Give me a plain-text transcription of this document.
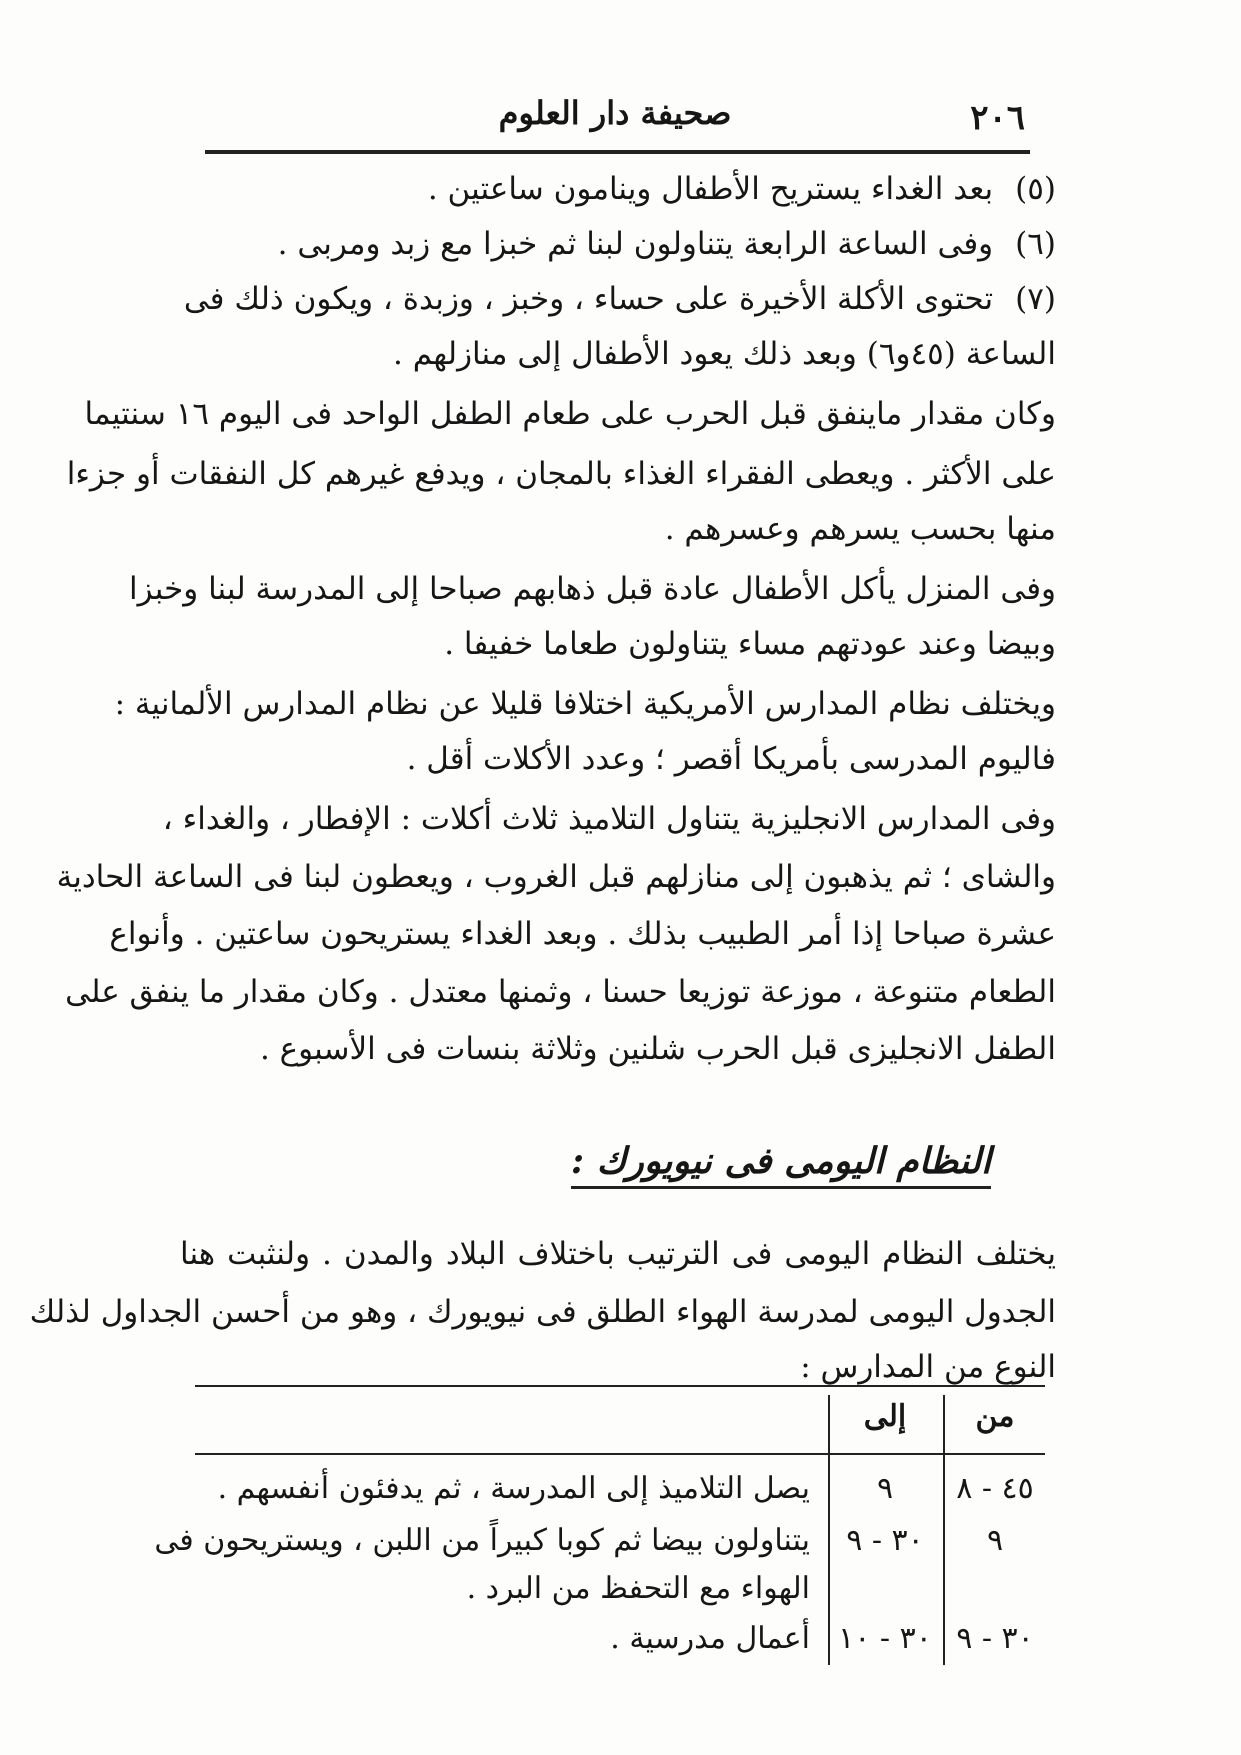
٢٠٦
صحيفة دار العلوم
(٥)بعد الغداء يستريح الأطفال وينامون ساعتين .
(٦)وفى الساعة الرابعة يتناولون لبنا ثم خبزا مع زبد ومربى .
(٧)تحتوى الأكلة الأخيرة على حساء ، وخبز ، وزبدة ، ويكون ذلك فى
الساعة (٤٥و٦) وبعد ذلك يعود الأطفال إلى منازلهم .
وكان مقدار ماينفق قبل الحرب على طعام الطفل الواحد فى اليوم ١٦ سنتيما
على الأكثر . ويعطى الفقراء الغذاء بالمجان ، ويدفع غيرهم كل النفقات أو جزءا
منها بحسب يسرهم وعسرهم .
وفى المنزل يأكل الأطفال عادة قبل ذهابهم صباحا إلى المدرسة لبنا وخبزا
وبيضا وعند عودتهم مساء يتناولون طعاما خفيفا .
ويختلف نظام المدارس الأمريكية اختلافا قليلا عن نظام المدارس الألمانية :
فاليوم المدرسى بأمريكا أقصر ؛ وعدد الأكلات أقل .
وفى المدارس الانجليزية يتناول التلاميذ ثلاث أكلات : الإفطار ، والغداء ،
والشاى ؛ ثم يذهبون إلى منازلهم قبل الغروب ، ويعطون لبنا فى الساعة الحادية
عشرة صباحا إذا أمر الطبيب بذلك . وبعد الغداء يستريحون ساعتين . وأنواع
الطعام متنوعة ، موزعة توزيعا حسنا ، وثمنها معتدل . وكان مقدار ما ينفق على
الطفل الانجليزى قبل الحرب شلنين وثلاثة بنسات فى الأسبوع .
النظام اليومى فى نيويورك :
يختلف النظام اليومى فى الترتيب باختلاف البلاد والمدن . ولنثبت هنا
الجدول اليومى لمدرسة الهواء الطلق فى نيويورك ، وهو من أحسن الجداول لذلك
النوع من المدارس :
من
إلى
٤٥ - ٨
٩
يصل التلاميذ إلى المدرسة ، ثم يدفئون أنفسهم .
٩
٣٠ - ٩
يتناولون بيضا ثم كوبا كبيراً من اللبن ، ويستريحون فى
الهواء مع التحفظ من البرد .
٣٠ - ٩
٣٠ - ١٠
أعمال مدرسية .
